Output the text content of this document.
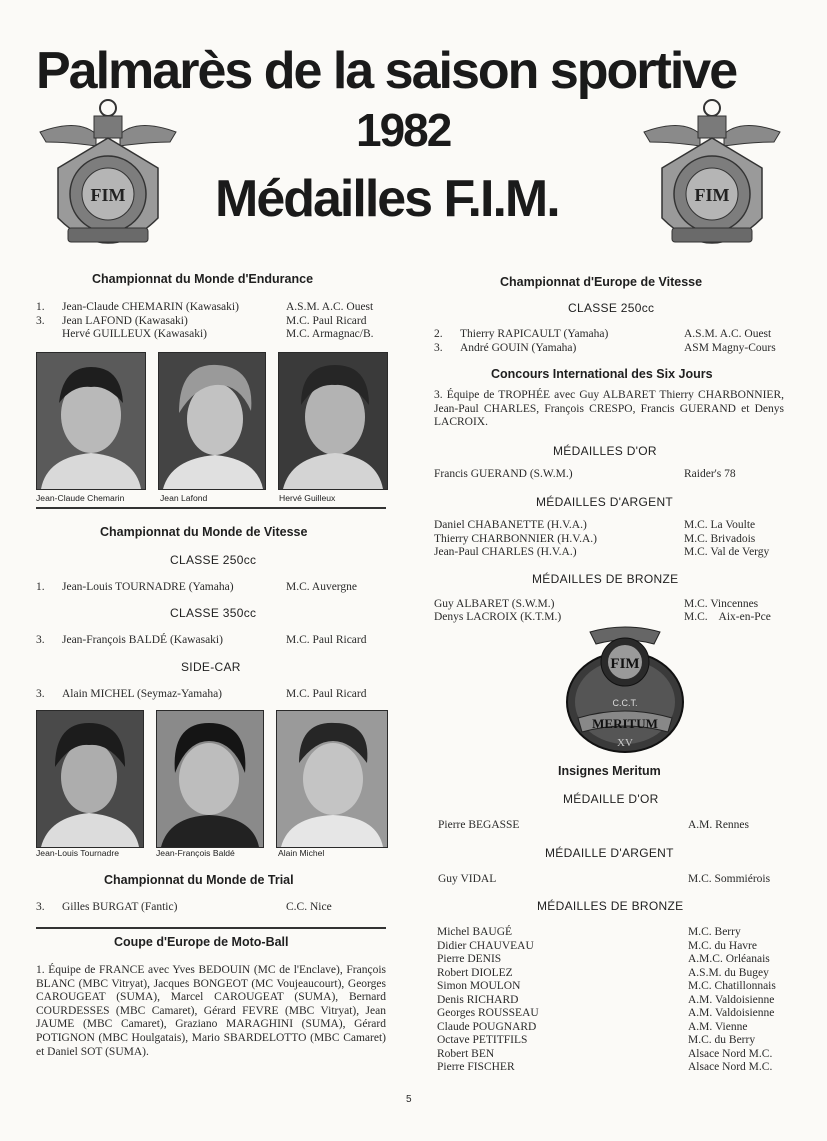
Palmarès de la saison sportive
1982
Médailles F.I.M.
FIM	FIM
Championnat du Monde d'Endurance
1. Jean-Claude CHEMARIN (Kawasaki)	A.S.M. A.C. Ouest
3. Jean LAFOND (Kawasaki)	M.C. Paul Ricard
Hervé GUILLEUX (Kawasaki)	M.C. Armagnac/B.
Jean-Claude Chemarin	Jean Lafond	Hervé Guilleux
Championnat du Monde de Vitesse
CLASSE 250cc
1. Jean-Louis TOURNADRE (Yamaha)	M.C. Auvergne
CLASSE 350cc
3. Jean-François BALDÉ (Kawasaki)	M.C. Paul Ricard
SIDE-CAR
3. Alain MICHEL (Seymaz-Yamaha)	M.C. Paul Ricard
Jean-Louis Tournadre	Jean-François Baldé	Alain Michel
Championnat du Monde de Trial
3. Gilles BURGAT (Fantic)	C.C. Nice
Coupe d'Europe de Moto-Ball
1. Équipe de FRANCE avec Yves BEDOUIN (MC de l'Enclave), François BLANC (MBC Vitryat), Jacques BONGEOT (MC Voujeaucourt), Georges CAROUGEAT (SUMA), Marcel CAROUGEAT (SUMA), Bernard COURDESSES (MBC Camaret), Gérard FEVRE (MBC Vitryat), Jean JAUME (MBC Camaret), Graziano MARAGHINI (SUMA), Gérard POTIGNON (MBC Houlgatais), Mario SBARDELOTTO (MBC Camaret) et Daniel SOT (SUMA).
Championnat d'Europe de Vitesse
CLASSE 250cc
2. Thierry RAPICAULT (Yamaha)	A.S.M. A.C. Ouest
3. André GOUIN (Yamaha)	ASM Magny-Cours
Concours International des Six Jours
3. Équipe de TROPHÉE avec Guy ALBARET Thierry CHARBONNIER, Jean-Paul CHARLES, François CRESPO, Francis GUERAND et Denys LACROIX.
MÉDAILLES D'OR
Francis GUERAND (S.W.M.)	Raider's 78
MÉDAILLES D'ARGENT
Daniel CHABANETTE (H.V.A.)	M.C. La Voulte
Thierry CHARBONNIER (H.V.A.)	M.C. Brivadois
Jean-Paul CHARLES (H.V.A.)	M.C. Val de Vergy
MÉDAILLES DE BRONZE
Guy ALBARET (S.W.M.)	M.C. Vincennes
Denys LACROIX (K.T.M.)	M.C.    Aix-en-Pce
FIM
C.C.T.
MERITUM
XV
Insignes Meritum
MÉDAILLE D'OR
Pierre BEGASSE	A.M. Rennes
MÉDAILLE D'ARGENT
Guy VIDAL	M.C. Sommiérois
MÉDAILLES DE BRONZE
Michel BAUGÉ	M.C. Berry
Didier CHAUVEAU	M.C. du Havre
Pierre DENIS	A.M.C. Orléanais
Robert DIOLEZ	A.S.M. du Bugey
Simon MOULON	M.C. Chatillonnais
Denis RICHARD	A.M. Valdoisienne
Georges ROUSSEAU	A.M. Valdoisienne
Claude POUGNARD	A.M. Vienne
Octave PETITFILS	M.C. du Berry
Robert BEN	Alsace Nord M.C.
Pierre FISCHER	Alsace Nord M.C.
5
